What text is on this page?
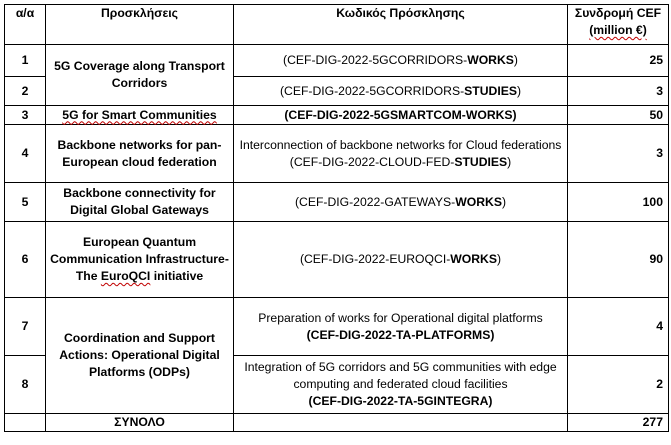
α/α	Προσκλήσεις	Κωδικός Πρόσκλησης	Συνδρομή CEF
(million €)
1	5G Coverage along Transport Corridors	(CEF-DIG-2022-5GCORRIDORS-WORKS)	25
2		(CEF-DIG-2022-5GCORRIDORS-STUDIES)	3
3	5G for Smart Communities	(CEF-DIG-2022-5GSMARTCOM-WORKS)	50
4	Backbone networks for pan-European cloud federation	Interconnection of backbone networks for Cloud federations
(CEF-DIG-2022-CLOUD-FED-STUDIES)	3
5	Backbone connectivity for Digital Global Gateways	(CEF-DIG-2022-GATEWAYS-WORKS)	100
6	European Quantum Communication Infrastructure- The EuroQCI initiative	(CEF-DIG-2022-EUROQCI-WORKS)	90
7	Coordination and Support Actions: Operational Digital Platforms (ODPs)	Preparation of works for Operational digital platforms
(CEF-DIG-2022-TA-PLATFORMS)	4
8		Integration of 5G corridors and 5G communities with edge computing and federated cloud facilities
(CEF-DIG-2022-TA-5GINTEGRA)	2
	ΣΥΝΟΛΟ		277
